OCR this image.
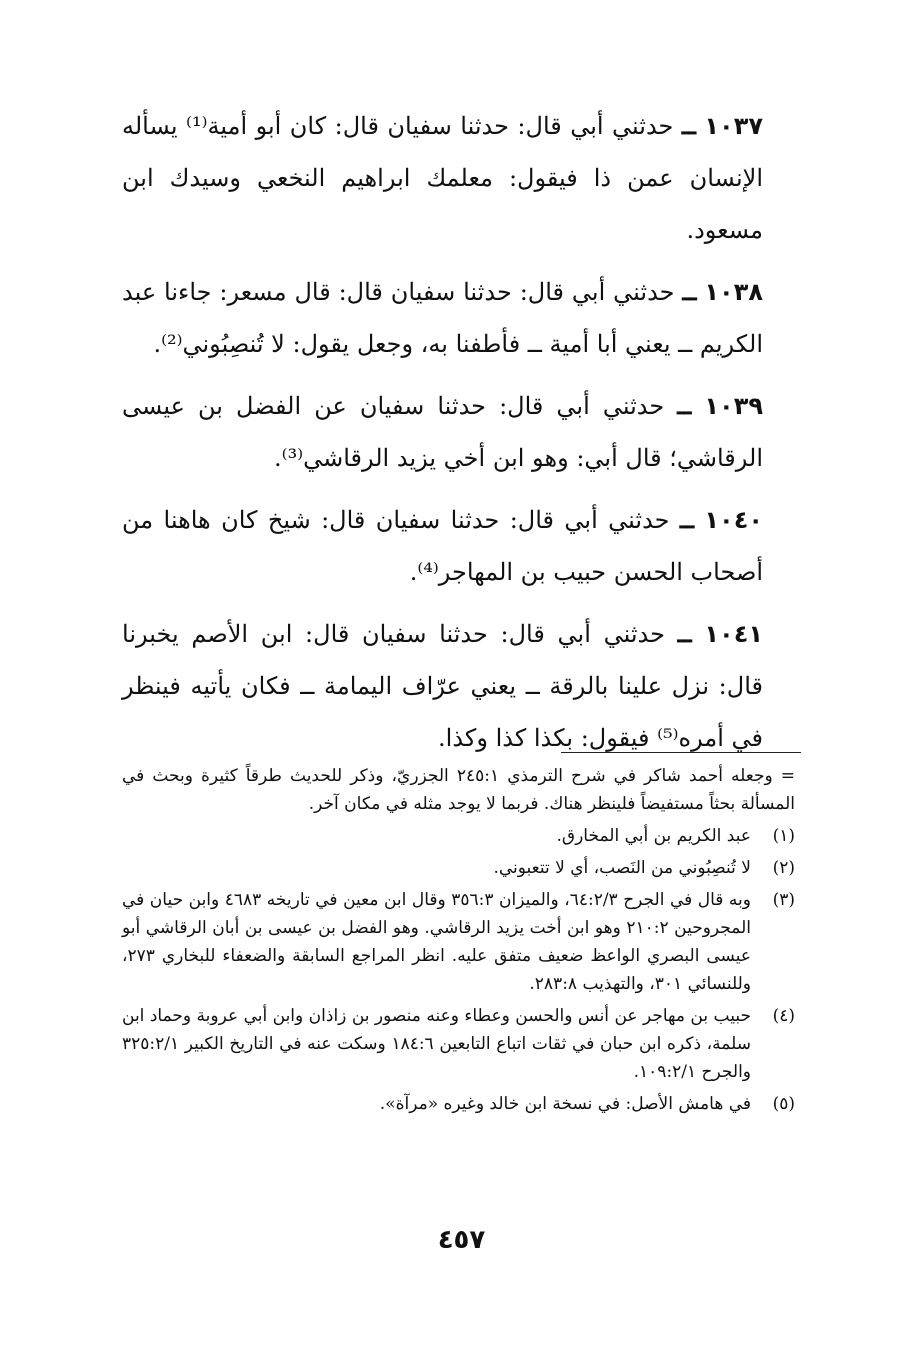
١٠٣٧ ــ حدثني أبي قال: حدثنا سفيان قال: كان أبو أمية⁽¹⁾ يسأله الإنسان عمن ذا فيقول: معلمك ابراهيم النخعي وسيدك ابن مسعود.

١٠٣٨ ــ حدثني أبي قال: حدثنا سفيان قال: قال مسعر: جاءنا عبد الكريم ــ يعني أبا أمية ــ فأطفنا به، وجعل يقول: لا تُنصِبُوني⁽²⁾.

١٠٣٩ ــ حدثني أبي قال: حدثنا سفيان عن الفضل بن عيسى الرقاشي؛ قال أبي: وهو ابن أخي يزيد الرقاشي⁽³⁾.

١٠٤٠ ــ حدثني أبي قال: حدثنا سفيان قال: شيخ كان هاهنا من أصحاب الحسن حبيب بن المهاجر⁽⁴⁾.

١٠٤١ ــ حدثني أبي قال: حدثنا سفيان قال: ابن الأصم يخبرنا قال: نزل علينا بالرقة ــ يعني عرّاف اليمامة ــ فكان يأتيه فينظر في أمره⁽⁵⁾ فيقول: بكذا كذا وكذا.

= وجعله أحمد شاكر في شرح الترمذي ٢٤٥:١ الجزريّ، وذكر للحديث طرقاً كثيرة وبحث في المسألة بحثاً مستفيضاً فلينظر هناك. فربما لا يوجد مثله في مكان آخر.

(١)
عبد الكريم بن أبي المخارق.
(٢)
لا تُنصِبُوني من النَصب، أي لا تتعبوني.
(٣)
وبه قال في الجرح ٦٤:٢/٣، والميزان ٣٥٦:٣ وقال ابن معين في تاريخه ٤٦٨٣ وابن حيان في المجروحين ٢١٠:٢ وهو ابن أخت يزيد الرقاشي. وهو الفضل بن عيسى بن أبان الرقاشي أبو عيسى البصري الواعظ ضعيف متفق عليه. انظر المراجع السابقة والضعفاء للبخاري ٢٧٣، وللنسائي ٣٠١، والتهذيب ٢٨٣:٨.
(٤)
حبيب بن مهاجر عن أنس والحسن وعطاء وعنه منصور بن زاذان وابن أبي عروبة وحماد ابن سلمة، ذكره ابن حبان في ثقات اتباع التابعين ١٨٤:٦ وسكت عنه في التاريخ الكبير ٣٢٥:٢/١ والجرح ١٠٩:٢/١.
(٥)
في هامش الأصل: في نسخة ابن خالد وغيره «مرآة».
٤٥٧
